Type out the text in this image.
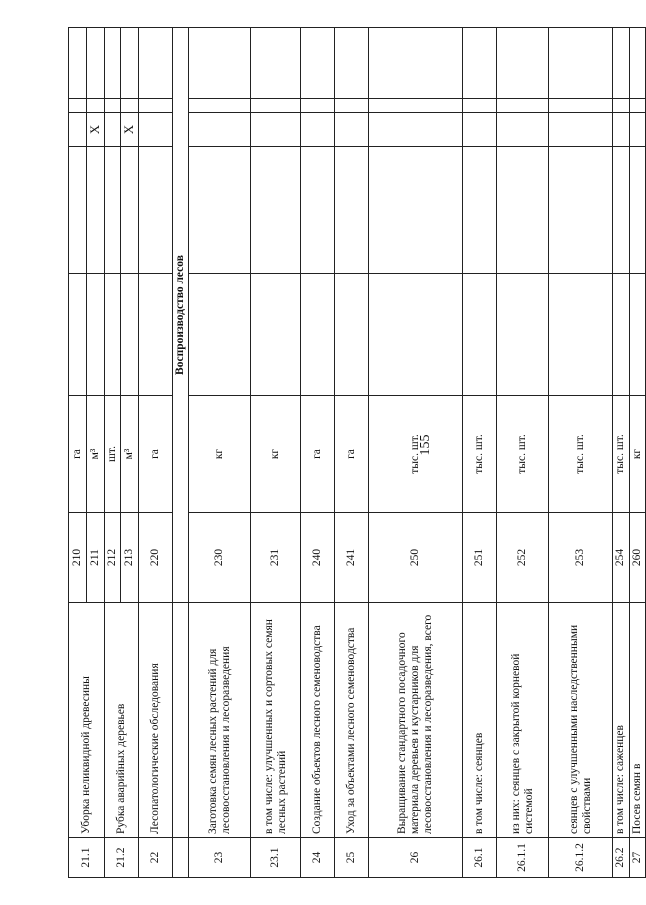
155
21.1	Уборка неликвидной древесины	210	га					
		211	м³			X		
21.2	Рубка аварийных деревьев	212	шт.					
		213	м³			X		
22	Лесопатологические обследования	220	га					
		Воспроизводство лесов						
23	Заготовка семян лесных растений для лесовосстановления и лесоразведения	230	кг					
23.1	в том числе: улучшенных и сортовых семян лесных растений	231	кг					
24	Создание объектов лесного семеноводства	240	га					
25	Уход за объектами лесного семеноводства	241	га					
26	Выращивание стандартного посадочного материала деревьев и кустарников для лесовосстановления и лесоразведения, всего	250	тыс. шт.					
26.1	в том числе: сеянцев	251	тыс. шт.					
26.1.1	из них: сеянцев с закрытой корневой системой	252	тыс. шт.					
26.1.2	сеянцев с улучшенными наследственными свойствами	253	тыс. шт.					
26.2	в том числе: саженцев	254	тыс. шт.					
27	Посев семян в	260	кг					
